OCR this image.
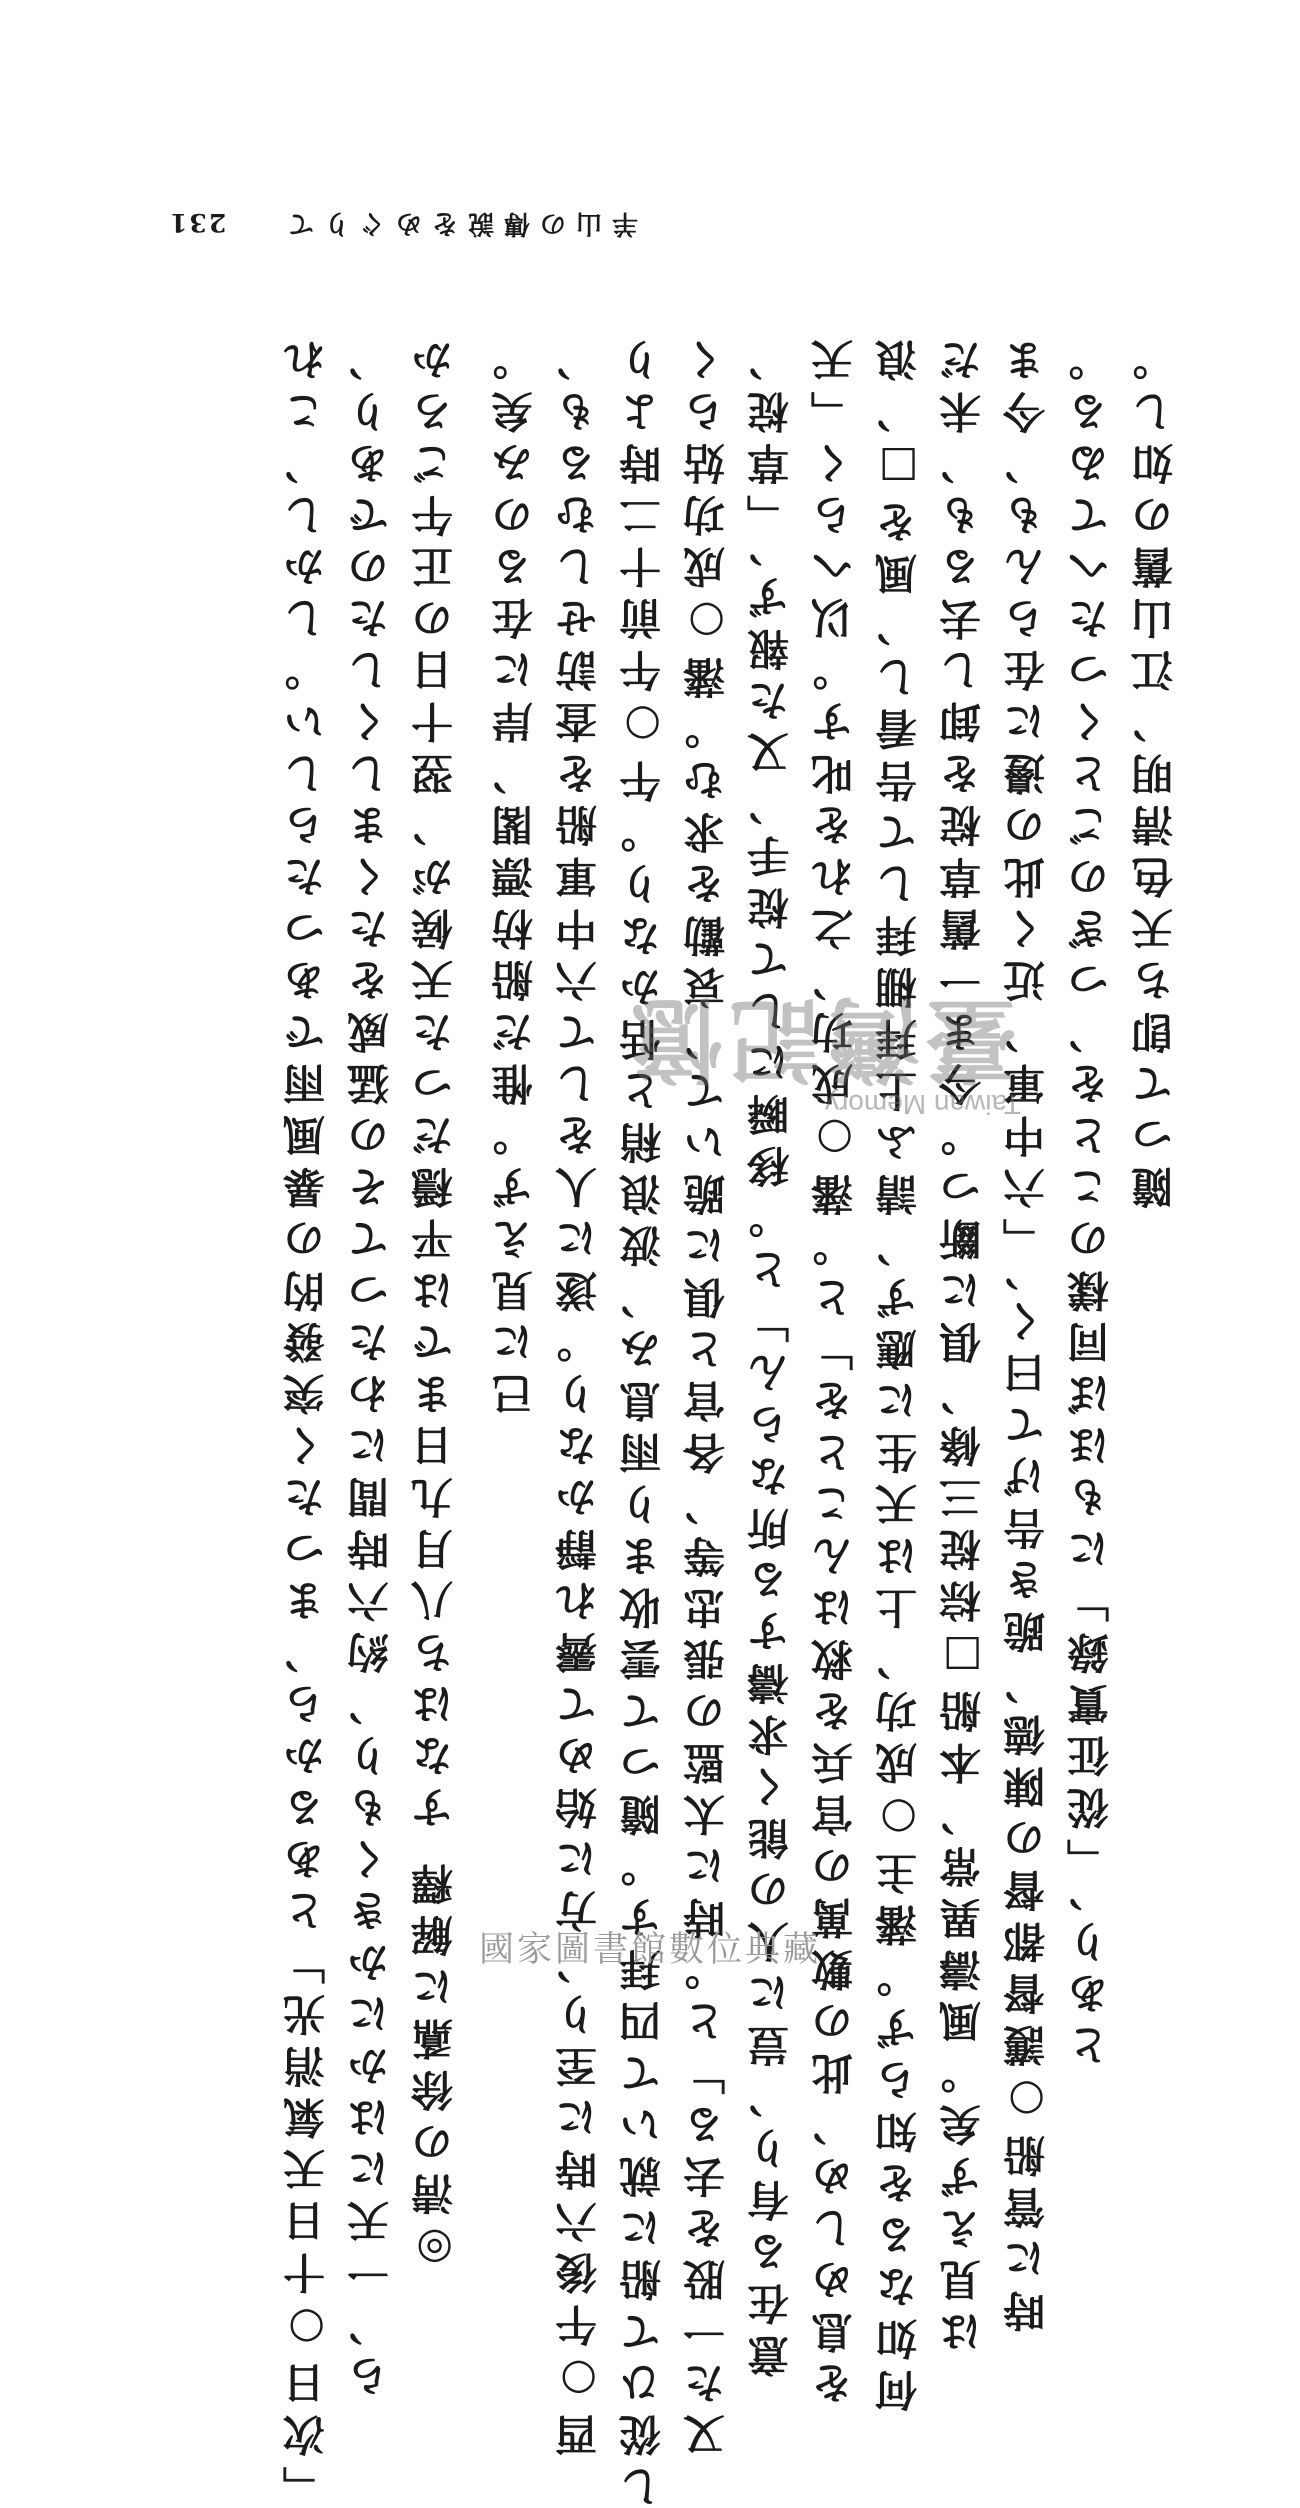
231 羊山の傳說をめぐりて
隨つて卽ち天色淸明、江山舊の如し。
とあり、「從征實錄」にもほぼ同樣のことを、つぎのごとくつたへてゐる。
時に管船○護督都督の陳德、跪き告げて曰く、「六中軍、近く此の邊に在らんも、今ま
は見えず矣。風濤異常、本船□棕椗三條、俱に斷つ。今ま一舊草椗を卸し去るも、未だ
何如なるを知らず。藩主○成功、上は天生に應ず、請ふ上拜棚拜して告看し、風を□、浪
を息めしめ、此の數萬の官兵を救はんことを」と。藩○成功、之れを叱す。以へらく「天
意在る有り、豈に人の能く求禱する所ならん」と。移瞬にして椗手、又た報ず、「草椗、
又た一股を去る」と。時に太監の張忠等、各官と俱に跪いて、哀勸を求む。藩○成功姑らく
し從ひて船に就いて四拜す。隨つて雲收まり雨息み、波浪稍と恬かなり。午○午前十二時より
酉○午後六時に至り、方に始めて霽れ靜かなり。遂に人をして六中軍船を查訪せしむるも、
已に見えず。惟だ船枋漂閣、岸に在るのみ矣。
◎淸の徐鼒に解釋 すなはち八月九日までは平穩だつた天候が、翌十日の正午ごろか
ら、一天にはかにかきくもり、約六時間にわたつてその猛威をたくましくしたのであり、
「次日○十日天氣消光」とあるから、まつたく突發的の暴風雨であつたらしい。しかし、これ	臺灣記憶
Taiwan Memory
國家圖書館數位典藏
